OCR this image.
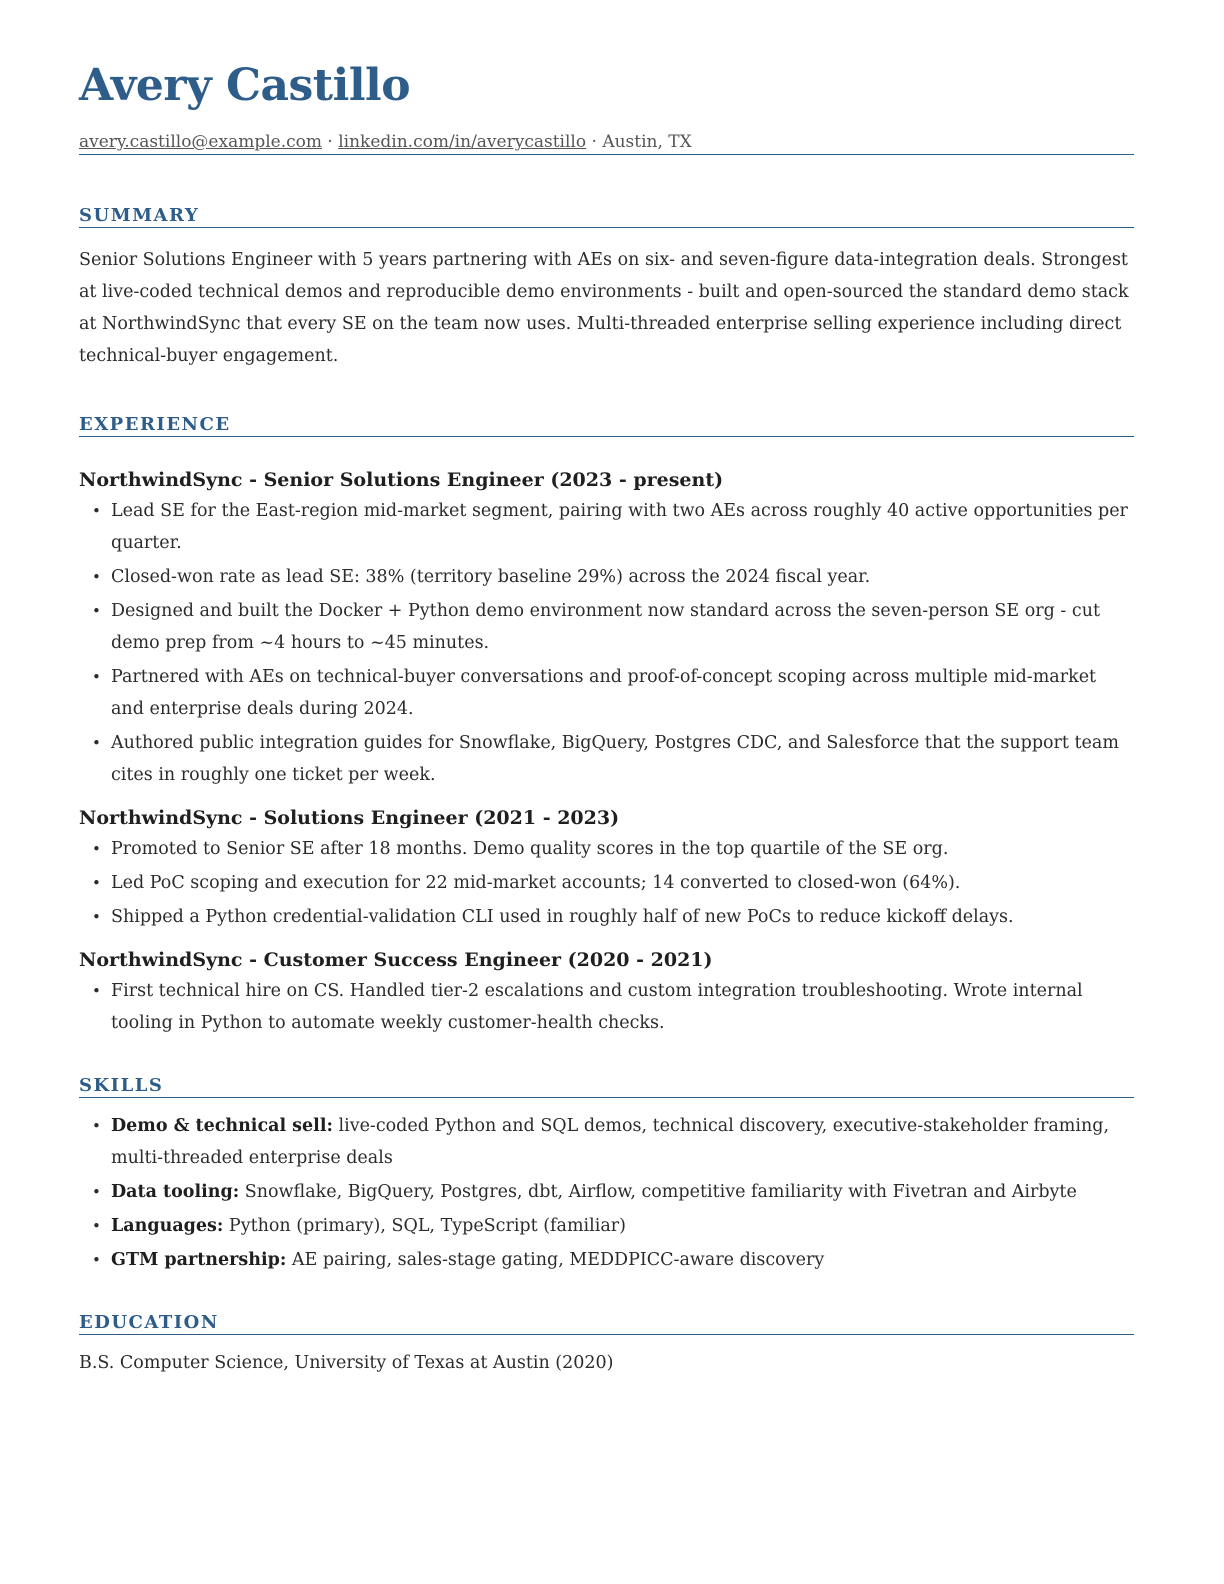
Avery Castillo
avery.castillo@example.com · linkedin.com/in/averycastillo · Austin, TX
SUMMARY

Senior Solutions Engineer with 5 years partnering with AEs on six- and seven-figure data-integration deals. Strongest at live-coded technical demos and reproducible demo environments - built and open-sourced the standard demo stack at NorthwindSync that every SE on the team now uses. Multi-threaded enterprise selling experience including direct technical-buyer engagement.

EXPERIENCE
NorthwindSync - Senior Solutions Engineer (2023 - present)
• Lead SE for the East-region mid-market segment, pairing with two AEs across roughly 40 active opportunities per quarter.
• Closed-won rate as lead SE: 38% (territory baseline 29%) across the 2024 fiscal year.
• Designed and built the Docker + Python demo environment now standard across the seven-person SE org - cut demo prep from ~4 hours to ~45 minutes.
• Partnered with AEs on technical-buyer conversations and proof-of-concept scoping across multiple mid-market and enterprise deals during 2024.
• Authored public integration guides for Snowflake, BigQuery, Postgres CDC, and Salesforce that the support team cites in roughly one ticket per week.
NorthwindSync - Solutions Engineer (2021 - 2023)
• Promoted to Senior SE after 18 months. Demo quality scores in the top quartile of the SE org.
• Led PoC scoping and execution for 22 mid-market accounts; 14 converted to closed-won (64%).
• Shipped a Python credential-validation CLI used in roughly half of new PoCs to reduce kickoff delays.
NorthwindSync - Customer Success Engineer (2020 - 2021)
• First technical hire on CS. Handled tier-2 escalations and custom integration troubleshooting. Wrote internal tooling in Python to automate weekly customer-health checks.
SKILLS
• Demo & technical sell: live-coded Python and SQL demos, technical discovery, executive-stakeholder framing, multi-threaded enterprise deals
• Data tooling: Snowflake, BigQuery, Postgres, dbt, Airflow, competitive familiarity with Fivetran and Airbyte
• Languages: Python (primary), SQL, TypeScript (familiar)
• GTM partnership: AE pairing, sales-stage gating, MEDDPICC-aware discovery
EDUCATION

B.S. Computer Science, University of Texas at Austin (2020)
